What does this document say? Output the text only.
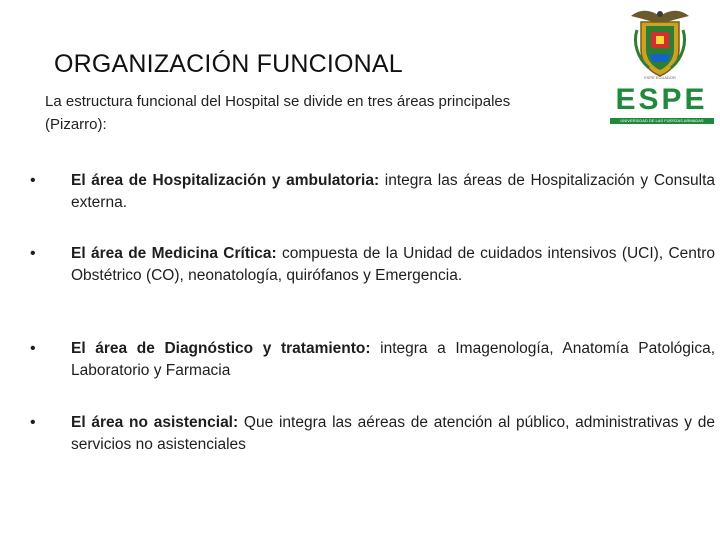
ORGANIZACIÓN FUNCIONAL
La estructura funcional del Hospital se divide en tres áreas principales (Pizarro):
ESPE ECUADOR
ESPE
UNIVERSIDAD DE LAS FUERZAS ARMADAS
• El área de Hospitalización y ambulatoria: integra las áreas de Hospitalización y Consulta externa.
• El área de Medicina Crítica: compuesta de la Unidad de cuidados intensivos (UCI), Centro Obstétrico (CO), neonatología, quirófanos y Emergencia.
• El área de Diagnóstico y tratamiento: integra a Imagenología, Anatomía Patológica, Laboratorio y Farmacia
• El área no asistencial: Que integra las aéreas de atención al público, administrativas y de servicios no asistenciales
